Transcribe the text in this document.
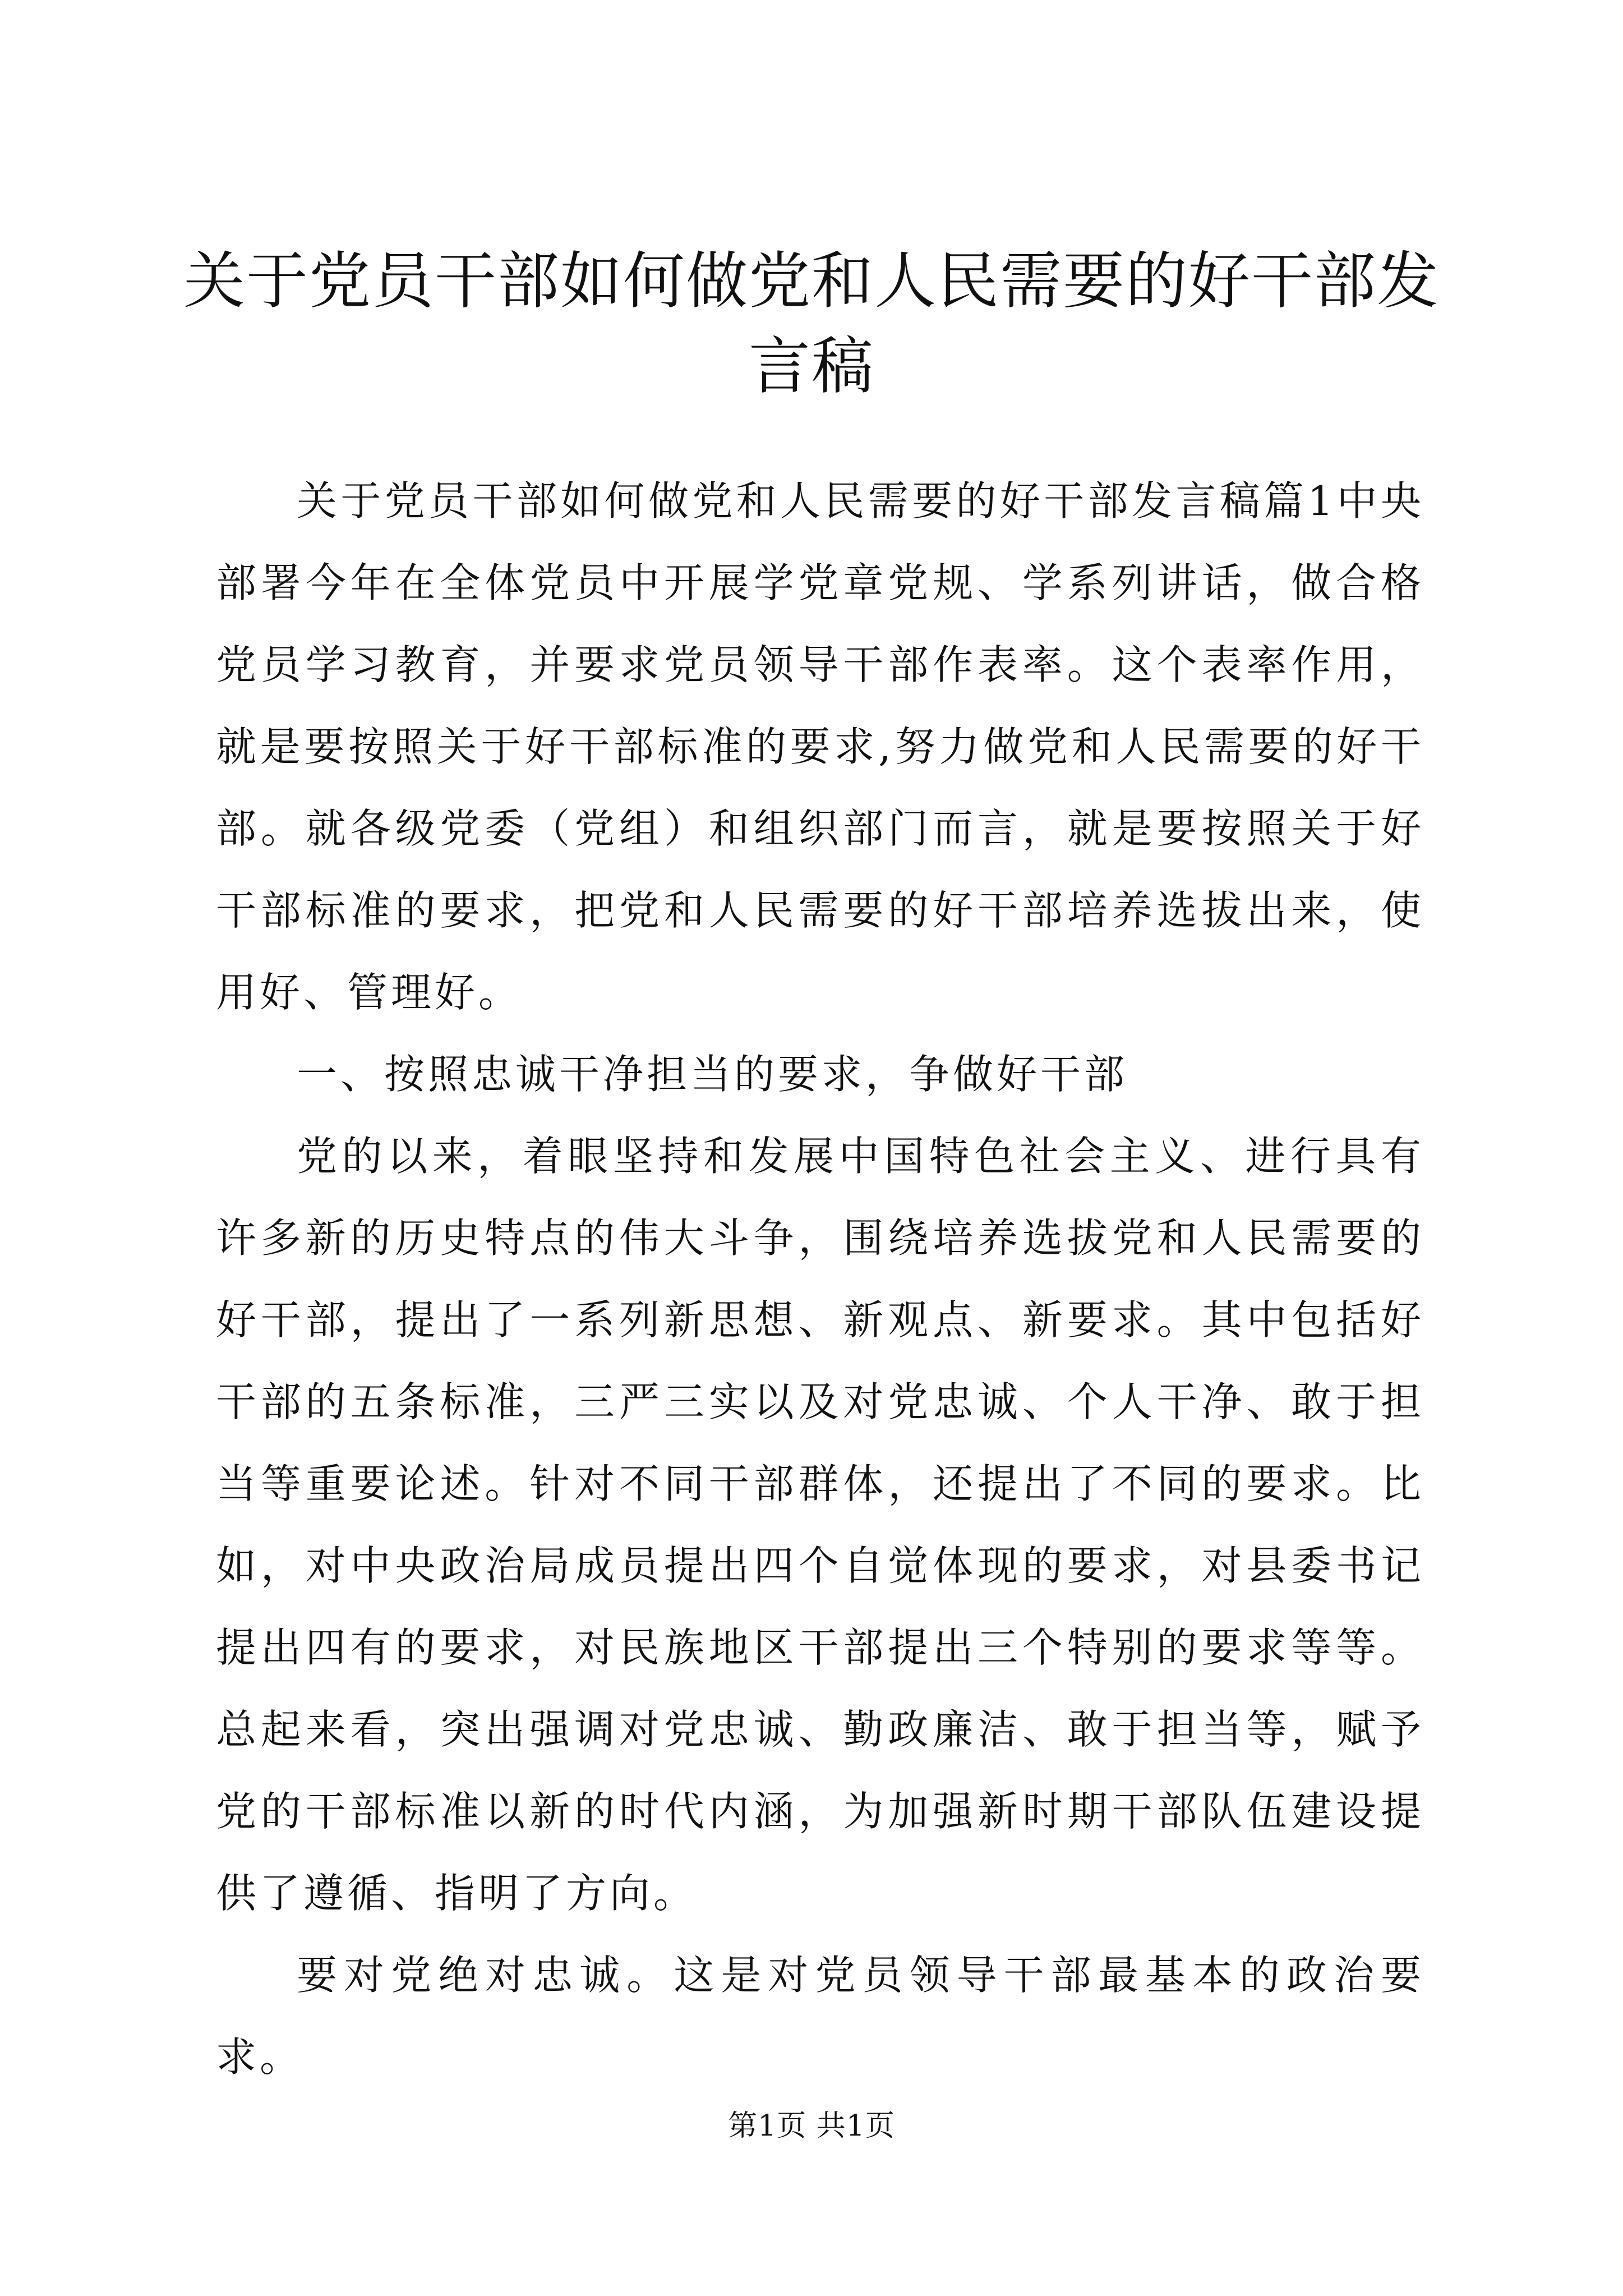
关于党员干部如何做党和人民需要的好干部发言稿

关于党员干部如何做党和人民需要的好干部发言稿篇1中央部署今年在全体党员中开展学党章党规、学系列讲话，做合格党员学习教育，并要求党员领导干部作表率。这个表率作用，就是要按照关于好干部标准的要求,努力做党和人民需要的好干部。就各级党委（党组）和组织部门而言，就是要按照关于好干部标准的要求，把党和人民需要的好干部培养选拔出来，使用好、管理好。

一、按照忠诚干净担当的要求，争做好干部

党的以来，着眼坚持和发展中国特色社会主义、进行具有许多新的历史特点的伟大斗争，围绕培养选拔党和人民需要的好干部，提出了一系列新思想、新观点、新要求。其中包括好干部的五条标准，三严三实以及对党忠诚、个人干净、敢于担当等重要论述。针对不同干部群体，还提出了不同的要求。比如，对中央政治局成员提出四个自觉体现的要求，对县委书记提出四有的要求，对民族地区干部提出三个特别的要求等等。总起来看，突出强调对党忠诚、勤政廉洁、敢于担当等，赋予党的干部标准以新的时代内涵，为加强新时期干部队伍建设提供了遵循、指明了方向。

要对党绝对忠诚。这是对党员领导干部最基本的政治要求。

第1页 共1页
